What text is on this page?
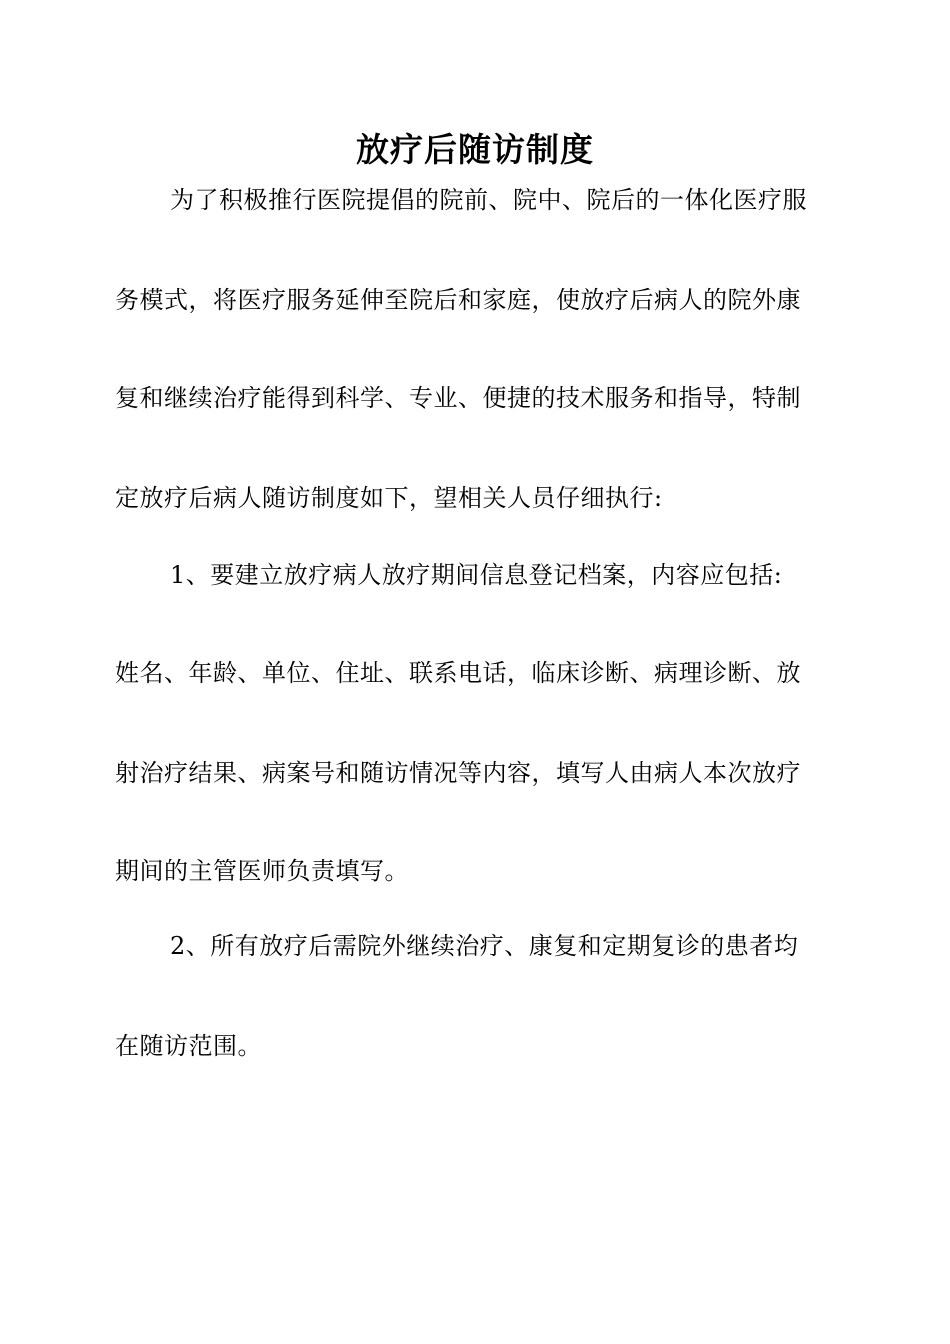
放疗后随访制度
为了积极推行医院提倡的院前、院中、院后的一体化医疗服
务模式，将医疗服务延伸至院后和家庭，使放疗后病人的院外康
复和继续治疗能得到科学、专业、便捷的技术服务和指导，特制
定放疗后病人随访制度如下，望相关人员仔细执行:
1、要建立放疗病人放疗期间信息登记档案，内容应包括:
姓名、年龄、单位、住址、联系电话，临床诊断、病理诊断、放
射治疗结果、病案号和随访情况等内容，填写人由病人本次放疗
期间的主管医师负责填写。
2、所有放疗后需院外继续治疗、康复和定期复诊的患者均
在随访范围。
